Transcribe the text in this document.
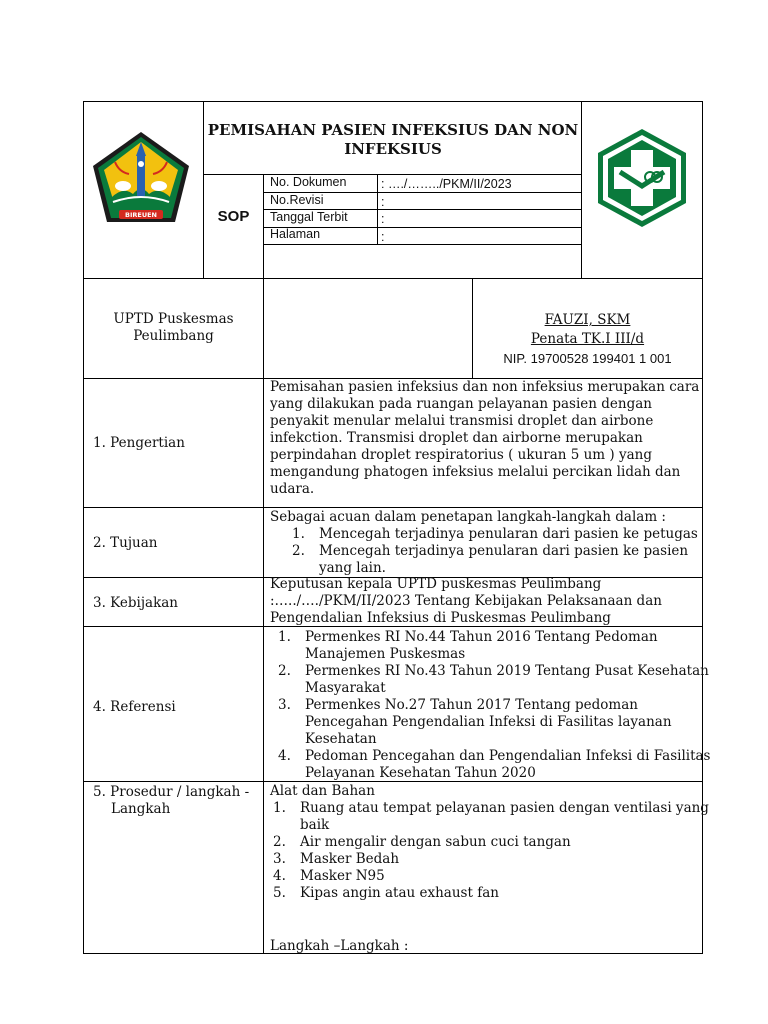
BIREUEN
PEMISAHAN PASIEN INFEKSIUS DAN NON
INFEKSIUS
SOP
No. Dokumen	: …./……../PKM/II/2023
No.Revisi	:
Tanggal Terbit	:
Halaman	:
UPTD Puskesmas
Peulimbang
FAUZI, SKM
Penata TK.I III/d
NIP. 19700528 199401 1 001
1. Pengertian
Pemisahan pasien infeksius dan non infeksius merupakan cara
yang dilakukan pada ruangan pelayanan pasien dengan
penyakit menular melalui transmisi droplet dan airbone
infekction. Transmisi droplet dan airborne merupakan
perpindahan droplet respiratorius ( ukuran 5 um ) yang
mengandung phatogen infeksius melalui percikan lidah dan
udara.
2. Tujuan
Sebagai acuan dalam penetapan langkah-langkah dalam :
1. Mencegah terjadinya penularan dari pasien ke petugas
2. Mencegah terjadinya penularan dari pasien ke pasien
yang lain.
3. Kebijakan
Keputusan kepala UPTD puskesmas Peulimbang
:…../…./PKM/II/2023 Tentang Kebijakan Pelaksanaan dan
Pengendalian Infeksius di Puskesmas Peulimbang
4. Referensi
1. Permenkes RI No.44 Tahun 2016 Tentang Pedoman
Manajemen Puskesmas
2. Permenkes RI No.43 Tahun 2019 Tentang Pusat Kesehatan
Masyarakat
3. Permenkes No.27 Tahun 2017 Tentang pedoman
Pencegahan Pengendalian Infeksi di Fasilitas layanan
Kesehatan
4. Pedoman Pencegahan dan Pengendalian Infeksi di Fasilitas
Pelayanan Kesehatan Tahun 2020
5. Prosedur / langkah -
Langkah
Alat dan Bahan
1. Ruang atau tempat pelayanan pasien dengan ventilasi yang
baik
2. Air mengalir dengan sabun cuci tangan
3. Masker Bedah
4. Masker N95
5. Kipas angin atau exhaust fan
Langkah –Langkah :
